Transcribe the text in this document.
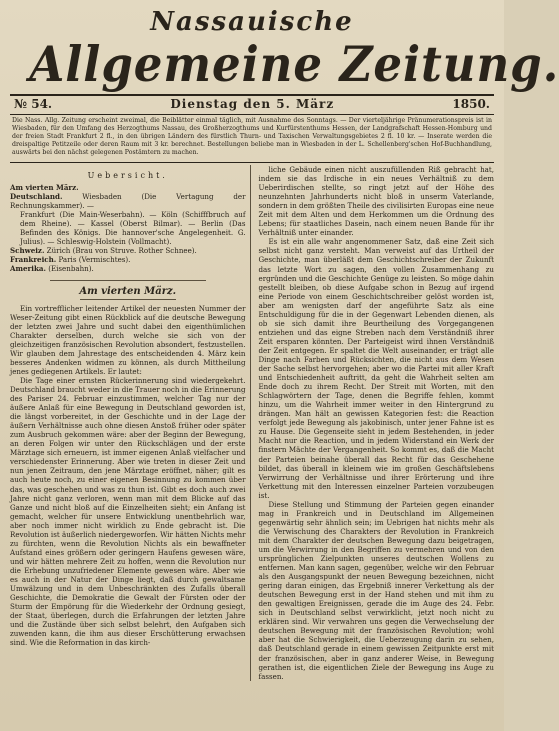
Nassauische
Allgemeine Zeitung.
№ 54.	Dienstag den 5. März	1850.
Die Nass. Allg. Zeitung erscheint zweimal, die Beiblätter einmal täglich, mit Ausnahme des Sonntags. — Der vierteljährige Pränumerationspreis ist in Wiesbaden, für den Umfang des Herzogthums Nassau, des Großherzogthums und Kurfürstenthums Hessen, der Landgrafschaft Hessen-Homburg und der freien Stadt Frankfurt 2 fl., in den übrigen Ländern des fürstlich Thurn- und Taxischen Verwaltungsgebietes 2 fl. 10 kr. — Inserate werden die dreispaltige Petitzeile oder deren Raum mit 3 kr. berechnet. Bestellungen beliebe man in Wiesbaden in der L. Schellenberg'schen Hof-Buchhandlung, auswärts bei den nächst gelegenen Postämtern zu machen.
Uebersicht.

Am vierten März.

Deutschland. Wiesbaden (Die Vertagung der Rechnungskammer). —

Frankfurt (Die Main-Weserbahn). — Köln (Schifffbruch auf dem Rheine). — Kassel (Oberst Bilmar). — Berlin (Das Befinden des Königs. Die hannover'sche Angelegenheit. G. Julius). — Schleswig-Holstein (Vollmacht).

Schweiz. Zürich (Brau von Struve. Rother Schnee).

Frankreich. Paris (Vermischtes).

Amerika. (Eisenbahn).

Am vierten März.

Ein vortrefflicher leitender Artikel der neuesten Nummer der Weser-Zeitung gibt einen Rückblick auf die deutsche Bewegung der letzten zwei Jahre und sucht dabei den eigenthümlichen Charakter derselben, durch welche sie sich von der gleichzeitigen französischen Revolution absondert, festzustellen. Wir glauben dem Jahrestage des entscheidenden 4. März kein besseres Andenken widmen zu können, als durch Mittheilung jenes gediegenen Artikels. Er lautet:

Die Tage einer ernsten Rückerinnerung sind wiedergekehrt. Deutschland braucht weder in die Trauer noch in die Erinnerung des Pariser 24. Februar einzustimmen, welcher Tag nur der äußere Anlaß für eine Bewegung in Deutschland geworden ist, die längst vorbereitet, in der Geschichte und in der Lage der äußern Verhältnisse auch ohne diesen Anstoß früher oder später zum Ausbruch gekommen wäre: aber der Beginn der Bewegung, an deren Folgen wir unter den Rückschlägen und der erste Märztage sich erneuern, ist immer eigenen Anlaß vielfacher und verschiedenster Erinnerung. Aber wie treten in dieser Zeit und nun jenen Zeitraum, den jene Märztage eröffnet, näher; gilt es auch heute noch, zu einer eigenen Besinnung zu kommen über das, was geschehen und was zu thun ist. Gibt es doch auch zwei Jahre nicht ganz verloren, wenn man mit dem Blicke auf das Ganze und nicht bloß auf die Einzelheiten sieht; ein Anfang ist gemacht, welcher für unsere Entwicklung unentbehrlich war, aber noch immer nicht wirklich zu Ende gebracht ist. Die Revolution ist äußerlich niedergeworfen. Wir hätten Nichts mehr zu fürchten, wenn die Revolution Nichts als ein bewaffneter Aufstand eines größern oder geringern Haufens gewesen wäre, und wir hätten mehrere Zeit zu hoffen, wenn die Revolution nur die Erhebung unzufriedener Elemente gewesen wäre. Aber wie es auch in der Natur der Dinge liegt, daß durch gewaltsame Umwälzung und in dem Unbeschränkten des Zufalls überall Geschichte, die Demokratie die Gewalt der Fürsten oder der Sturm der Empörung für die Wiederkehr der Ordnung gesiegt, der Staat, überlegen, durch die Erfahrungen der letzten Jahre und die Zustände über sich selbst belehrt, den Aufgaben sich zuwenden kann, die ihm aus dieser Erschütterung erwachsen sind. Wie die Reformation in das kirch-

liche Gebäude einen nicht auszufüllenden Riß gebracht hat, indem sie das Irdische in ein neues Verhältniß zu dem Ueberirdischen stellte, so ringt jetzt auf der Höhe des neunzehnten Jahrhunderts nicht bloß in unserm Vaterlande, sondern in dem größten Theile des civilisirten Europas eine neue Zeit mit dem Alten und dem Herkommen um die Ordnung des Lebens; für staatliches Dasein, nach einem neuen Bande für ihr Verhältniß unter einander.

Es ist ein alle wahr angenommener Satz, daß eine Zeit sich selbst nicht ganz versteht. Man verweist auf das Urtheil der Geschichte, man überläßt dem Geschichtschreiber der Zukunft das letzte Wort zu sagen, den vollen Zusammenhang zu ergründen und die Geschichte Genüge zu leisten. So möge dahin gestellt bleiben, ob diese Aufgabe schon in Bezug auf irgend eine Periode von einem Geschichtschreiber gelöst worden ist, aber am wenigsten darf der angeführte Satz als eine Entschuldigung für die in der Gegenwart Lebenden dienen, als ob sie sich damit ihre Beurtheilung des Vorgegangenen entziehen und das eigne Streben nach dem Verständniß ihrer Zeit ersparen könnten. Der Parteigeist wird ihnen Verständniß der Zeit entgegen. Er spaltet die Welt auseinander, er trägt alle Dinge nach Farben und Rücksichten, die nicht aus dem Wesen der Sache selbst hervorgehen; aber wo die Partei mit aller Kraft und Entschiedenheit auftritt, da geht die Wahrheit selten am Ende doch zu ihrem Recht. Der Streit mit Worten, mit den Schlagwörtern der Tage, denen die Begriffe fehlen, kommt hinzu, um die Wahrheit immer weiter in den Hintergrund zu drängen. Man hält an gewissen Kategorien fest: die Reaction verfolgt jede Bewegung als jakobinisch, unter jener Fahne ist es zu Hause. Die Gegenseite sieht in jedem Bestehenden, in jeder Macht nur die Reaction, und in jedem Widerstand ein Werk der finstern Mächte der Vergangenheit. So kommt es, daß die Macht der Parteien beinahe überall das Recht für das Geschehene bildet, das überall in kleinem wie im großen Geschäftslebens Verwirrung der Verhältnisse und ihrer Erörterung und ihre Verkettung mit den Interessen einzelner Parteien vorzubeugen ist.

Diese Stellung und Stimmung der Parteien gegen einander mag in Frankreich und in Deutschland im Allgemeinen gegenwärtig sehr ähnlich sein; im Uebrigen hat nichts mehr als die Verwischung des Charakters der Revolution in Frankreich mit dem Charakter der deutschen Bewegung dazu beigetragen, um die Verwirrung in den Begriffen zu vermehren und von den ursprünglichen Zielpunkten unseres deutschen Wollens zu entfernen. Man kann sagen, gegenüber, welche wir den Februar als den Ausgangspunkt der neuen Bewegung bezeichnen, nicht gering daran einigen, das Ergebniß innerer Verkettung als der deutschen Bewegung erst in der Hand stehen und mit ihm zu den gewaltigen Ereignissen, gerade die im Auge des 24. Febr. sich in Deutschland selbst verwirklicht, jetzt noch nicht zu erklären sind. Wir verwahren uns gegen die Verwechselung der deutschen Bewegung mit der französischen Revolution; wohl aber hat die Schwierigkeit, die Ueberzeugung darin zu sehen, daß Deutschland gerade in einem gewissen Zeitpunkte erst mit der französischen, aber in ganz anderer Weise, in Bewegung gerathen ist, die eigentlichen Ziele der Bewegung ins Auge zu fassen.
